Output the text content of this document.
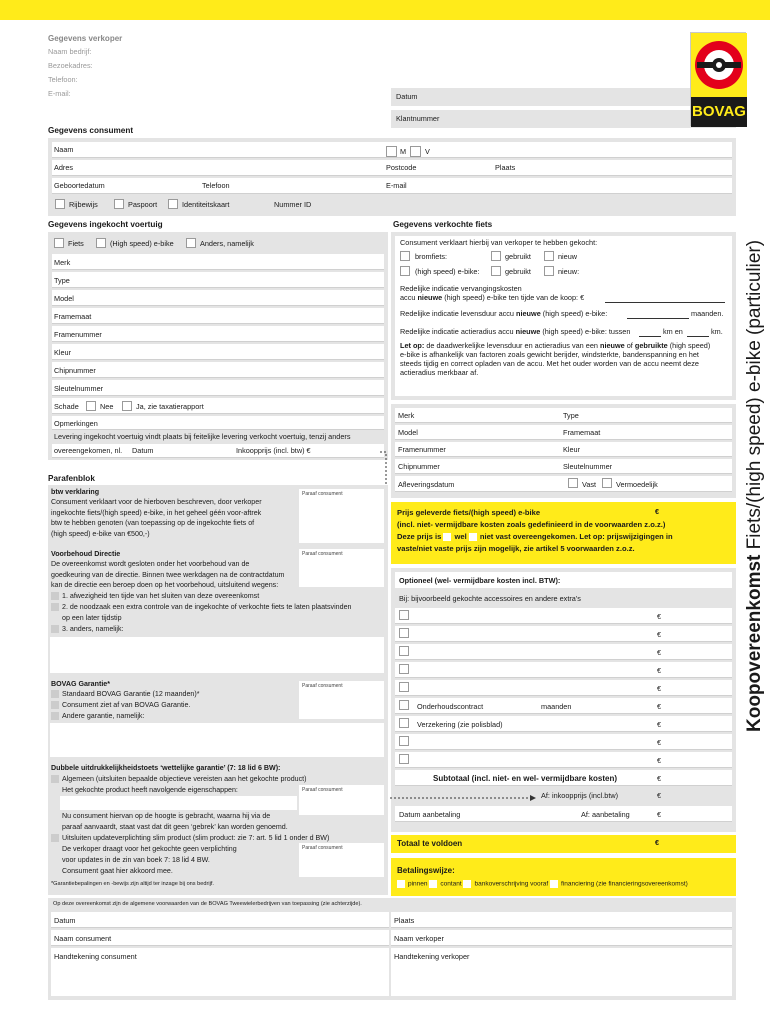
Gegevens verkoper
Naam bedrijf:
Bezoekadres:
Telefoon:
E-mail:	Datum
Klantnummer	BOVAG
Koopovereenkomst Fiets/(high speed) e-bike (particulier)
Gegevens consument
Naam	M	V
Adres	Postcode	Plaats
Geboortedatum	Telefoon	E-mail
Rijbewijs	Paspoort	Identiteitskaart	Nummer ID
Gegevens ingekocht voertuig
Fiets	(High speed) e-bike	Anders, namelijk
Merk
Type
Model
Framemaat
Framenummer
Kleur
Chipnummer
Sleutelnummer
Schade	Nee	Ja, zie taxatierapport
Opmerkingen
Levering ingekocht voertuig vindt plaats bij feitelijke levering verkocht voertuig, tenzij anders
overeengekomen, nl. Datum	Inkoopprijs (incl. btw) €
Gegevens verkochte fiets
Consument verklaart hierbij van verkoper te hebben gekocht:
bromfiets:	gebruikt	nieuw
(high speed) e-bike:	gebruikt	nieuw:
Redelijke indicatie vervangingskosten
accu nieuwe (high speed) e-bike ten tijde van de koop: €
Redelijke indicatie levensduur accu nieuwe (high speed) e-bike:	maanden.
Redelijke indicatie actieradius accu nieuwe (high speed) e-bike: tussen	km en	km.
Let op: de daadwerkelijke levensduur en actieradius van een nieuwe of gebruikte (high speed)
e-bike is afhankelijk van factoren zoals gewicht berijder, windsterkte, bandenspanning en het
steeds tijdig en correct opladen van de accu. Met het ouder worden van de accu neemt deze
actieradius merkbaar af.
Merk	Type
Model	Framemaat
Framenummer	Kleur
Chipnummer	Sleutelnummer
Afleveringsdatum	Vast	Vermoedelijk
Prijs geleverde fiets/(high speed) e-bike	€
(incl. niet- vermijdbare kosten zoals gedefinieerd in de voorwaarden z.o.z.)
Deze prijs is wel niet vast overeengekomen. Let op: prijswijzigingen in
vaste/niet vaste prijs zijn mogelijk, zie artikel 5 voorwaarden z.o.z.
Optioneel (wel- vermijdbare kosten incl. BTW):
Bij: bijvoorbeeld gekochte accessoires en andere extra's
€
€
€
€
€
Onderhoudscontract	maanden	€
Verzekering (zie polisblad)	€
€
€
Subtotaal (incl. niet- en wel- vermijdbare kosten)	€
Af: inkoopprijs (incl.btw)	€
Datum aanbetaling	Af: aanbetaling	€
Totaal te voldoen	€
Betalingswijze:
pinnen contant bankoverschrijving vooraf financiering (zie financieringsovereenkomst)
Parafenblok
btw verklaring
Consument verklaart voor de hierboven beschreven, door verkoper
ingekochte fiets/(high speed) e-bike, in het geheel géén voor-aftrek
btw te hebben genoten (van toepassing op de ingekochte fiets of
(high speed) e-bike van €500,-)
Paraaf consument
Voorbehoud Directie
De overeenkomst wordt gesloten onder het voorbehoud van de
goedkeuring van de directie. Binnen twee werkdagen na de contractdatum
kan de directie een beroep doen op het voorbehoud, uitsluitend wegens:
1. afwezigheid ten tijde van het sluiten van deze overeenkomst
2. de noodzaak een extra controle van de ingekochte of verkochte fiets te laten plaatsvinden
op een later tijdstip
3. anders, namelijk:
Paraaf consument
BOVAG Garantie*
Standaard BOVAG Garantie (12 maanden)*
Consument ziet af van BOVAG Garantie.
Andere garantie, namelijk:
Paraaf consument
Dubbele uitdrukkelijkheidstoets ‘wettelijke garantie’ (7: 18 lid 6 BW):
Algemeen (uitsluiten bepaalde objectieve vereisten aan het gekochte product)
Het gekochte product heeft navolgende eigenschappen:	Paraaf consument
Nu consument hiervan op de hoogte is gebracht, waarna hij via de
paraaf aanvaardt, staat vast dat dit geen ‘gebrek’ kan worden genoemd.
Uitsluiten updateverplichting slim product (slim product: zie 7: art. 5 lid 1 onder d BW)
De verkoper draagt voor het gekochte geen verplichting
voor updates in de zin van boek 7: 18 lid 4 BW.
Consument gaat hier akkoord mee.
Paraaf consument
*Garantiebepalingen en -bewijs zijn altijd ter inzage bij ons bedrijf.
Op deze overeenkomst zijn de algemene voorwaarden van de BOVAG Tweewielerbedrijven van toepassing (zie achterzijde).
Datum	Plaats
Naam consument	Naam verkoper
Handtekening consument	Handtekening verkoper
